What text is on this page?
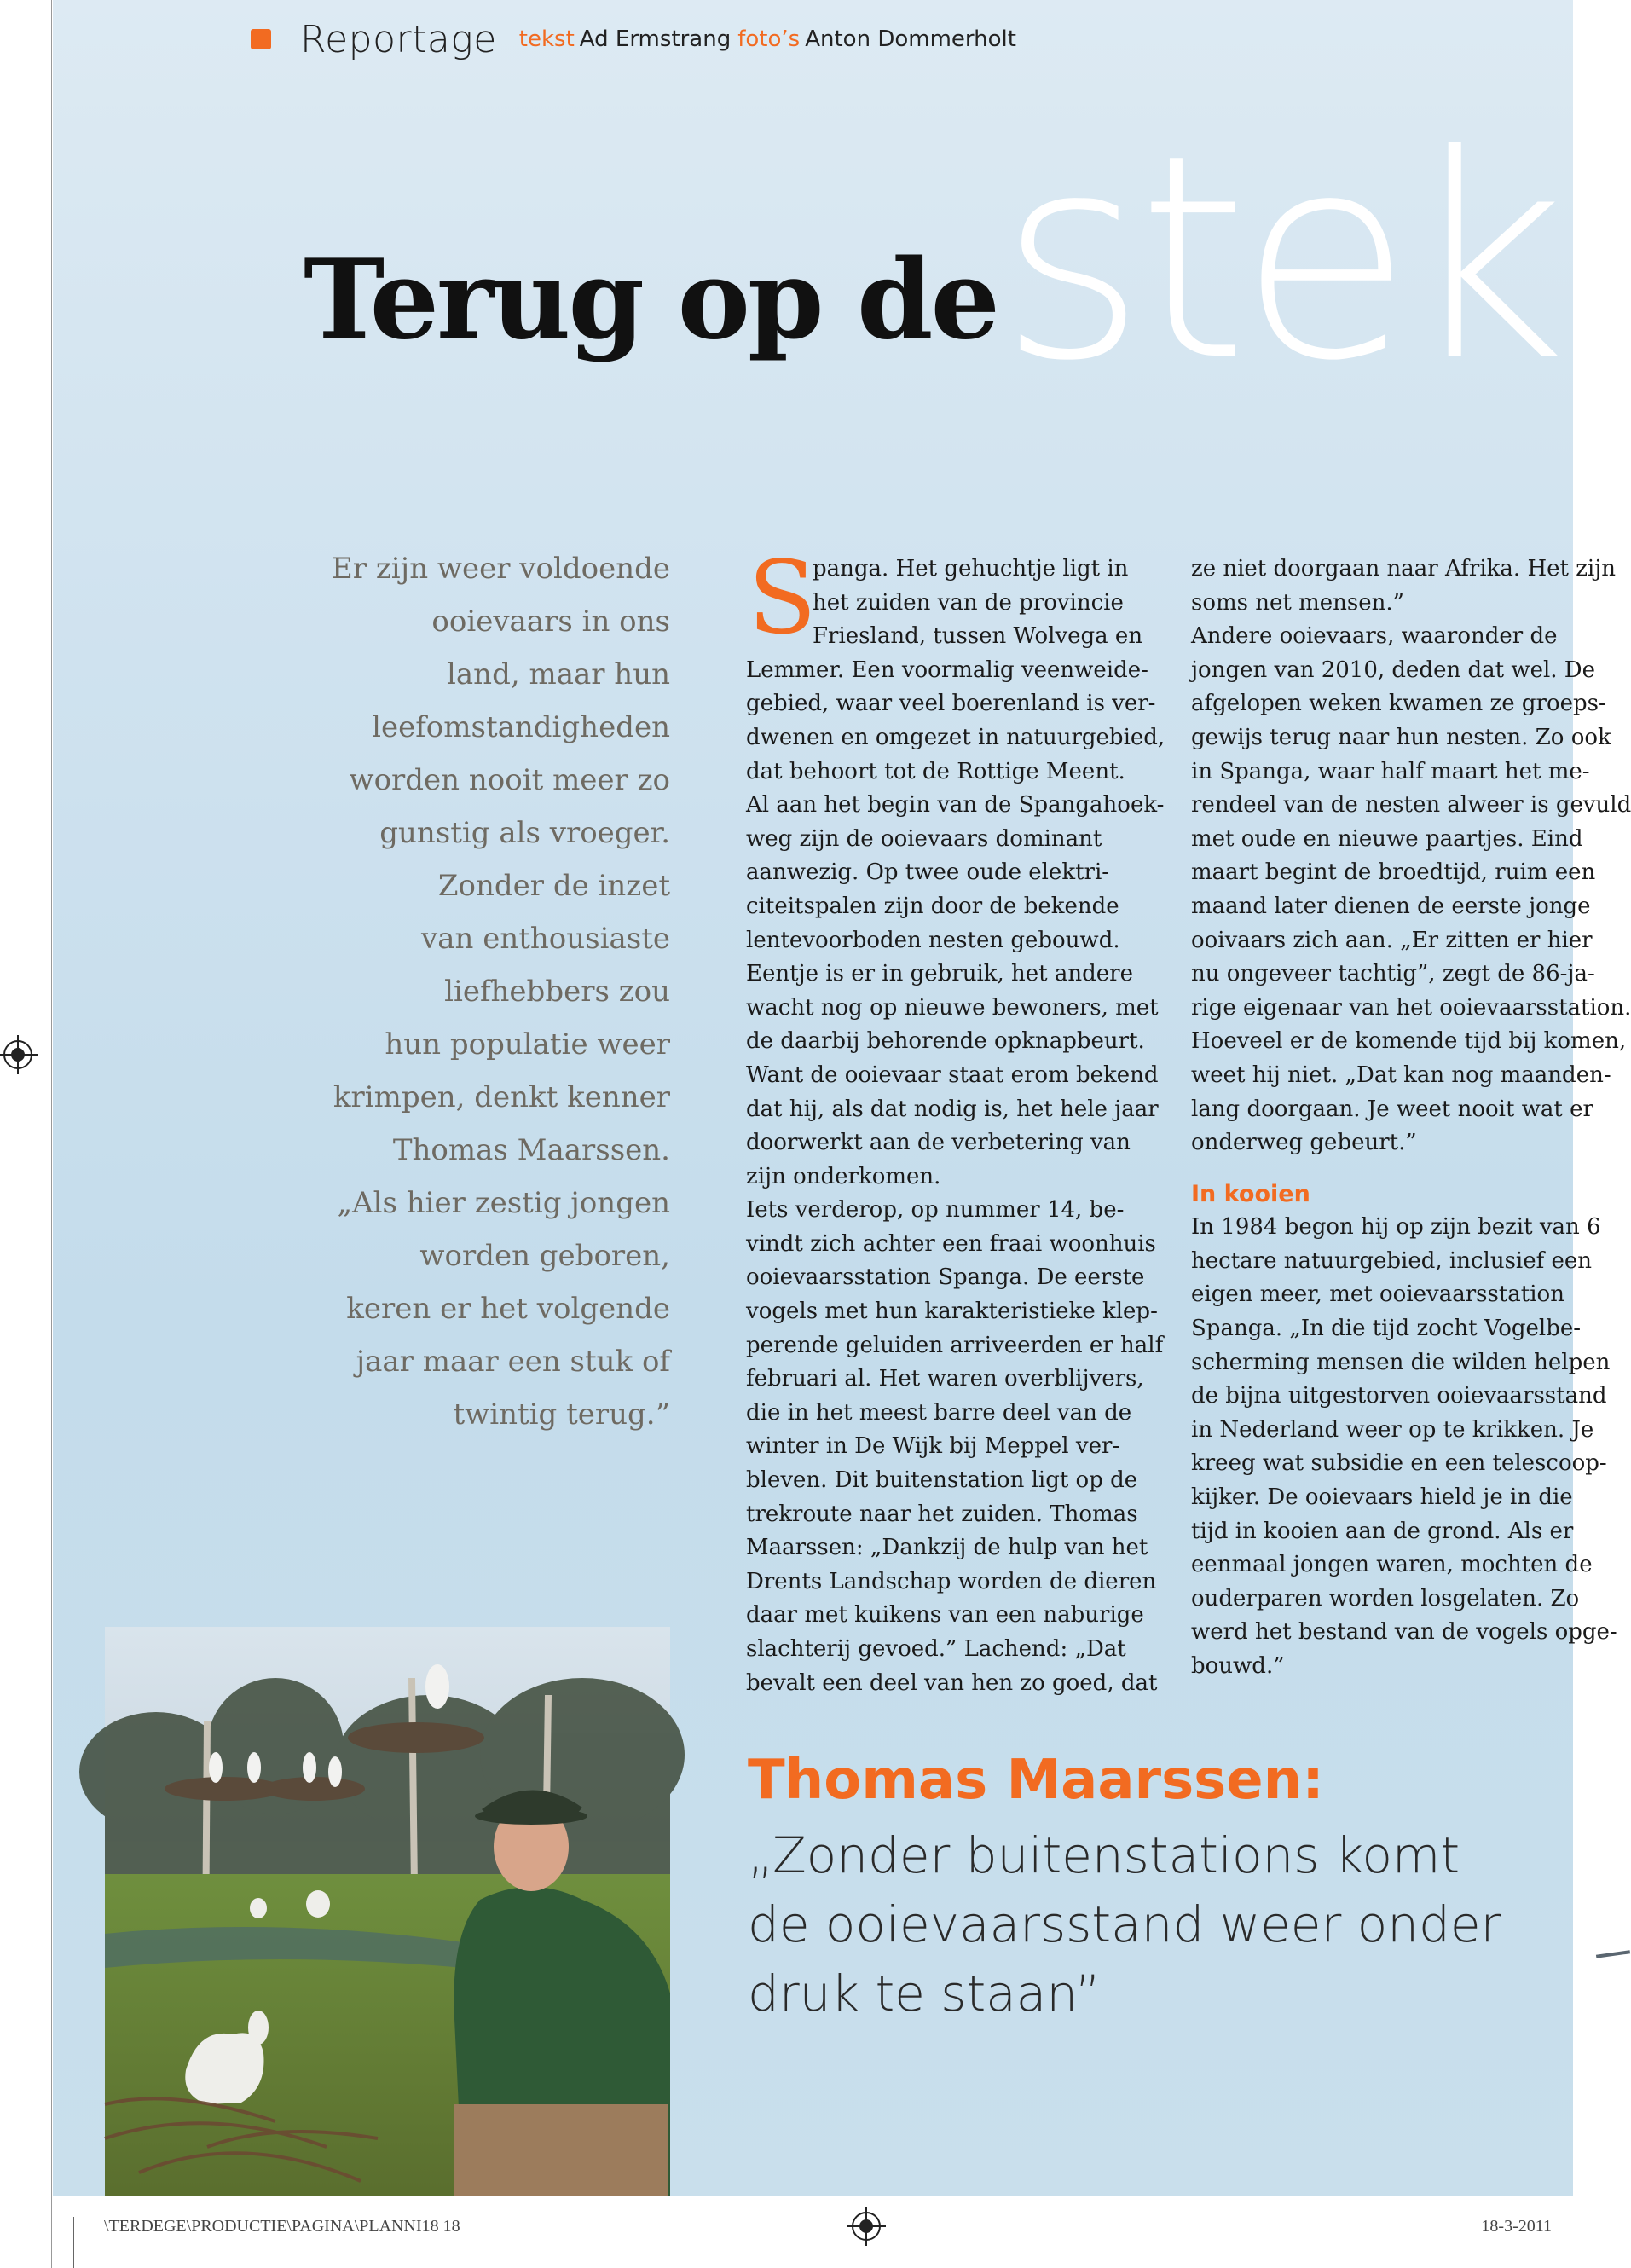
Reportage tekst Ad Ermstrang foto’s Anton Dommerholt
stek
Terug op de
Er zijn weer voldoende
ooievaars in ons
land, maar hun
leefomstandigheden
worden nooit meer zo
gunstig als vroeger.
Zonder de inzet
van enthousiaste
liefhebbers zou
hun populatie weer
krimpen, denkt kenner
Thomas Maarssen.
„Als hier zestig jongen
worden geboren,
keren er het volgende
jaar maar een stuk of
twintig terug.”
S
panga. Het gehuchtje ligt in
het zuiden van de provincie
Friesland, tussen Wolvega en
Lemmer. Een voormalig veenweide-
gebied, waar veel boerenland is ver-
dwenen en omgezet in natuurgebied,
dat behoort tot de Rottige Meent.
Al aan het begin van de Spangahoek-
weg zijn de ooievaars dominant
aanwezig. Op twee oude elektri-
citeitspalen zijn door de bekende
lentevoorboden nesten gebouwd.
Eentje is er in gebruik, het andere
wacht nog op nieuwe bewoners, met
de daarbij behorende opknapbeurt.
Want de ooievaar staat erom bekend
dat hij, als dat nodig is, het hele jaar
doorwerkt aan de verbetering van
zijn onderkomen.
Iets verderop, op nummer 14, be-
vindt zich achter een fraai woonhuis
ooievaarsstation Spanga. De eerste
vogels met hun karakteristieke klep-
perende geluiden arriveerden er half
februari al. Het waren overblijvers,
die in het meest barre deel van de
winter in De Wijk bij Meppel ver-
bleven. Dit buitenstation ligt op de
trekroute naar het zuiden. Thomas
Maarssen: „Dankzij de hulp van het
Drents Landschap worden de dieren
daar met kuikens van een naburige
slachterij gevoed.” Lachend: „Dat
bevalt een deel van hen zo goed, dat
ze niet doorgaan naar Afrika. Het zijn
soms net mensen.”
Andere ooievaars, waaronder de
jongen van 2010, deden dat wel. De
afgelopen weken kwamen ze groeps-
gewijs terug naar hun nesten. Zo ook
in Spanga, waar half maart het me-
rendeel van de nesten alweer is gevuld
met oude en nieuwe paartjes. Eind
maart begint de broedtijd, ruim een
maand later dienen de eerste jonge
ooivaars zich aan. „Er zitten er hier
nu ongeveer tachtig”, zegt de 86-ja-
rige eigenaar van het ooievaarsstation.
Hoeveel er de komende tijd bij komen,
weet hij niet. „Dat kan nog maanden-
lang doorgaan. Je weet nooit wat er
onderweg gebeurt.”
In kooien
In 1984 begon hij op zijn bezit van 6
hectare natuurgebied, inclusief een
eigen meer, met ooievaarsstation
Spanga. „In die tijd zocht Vogelbe-
scherming mensen die wilden helpen
de bijna uitgestorven ooievaarsstand
in Nederland weer op te krikken. Je
kreeg wat subsidie en een telescoop-
kijker. De ooievaars hield je in die
tijd in kooien aan de grond. Als er
eenmaal jongen waren, mochten de
ouderparen worden losgelaten. Zo
werd het bestand van de vogels opge-
bouwd.”
Thomas Maarssen:
„Zonder buitenstations komt
de ooievaarsstand weer onder
druk te staan”
\TERDEGE\PRODUCTIE\PAGINA\PLANNI18 18	18-3-2011
